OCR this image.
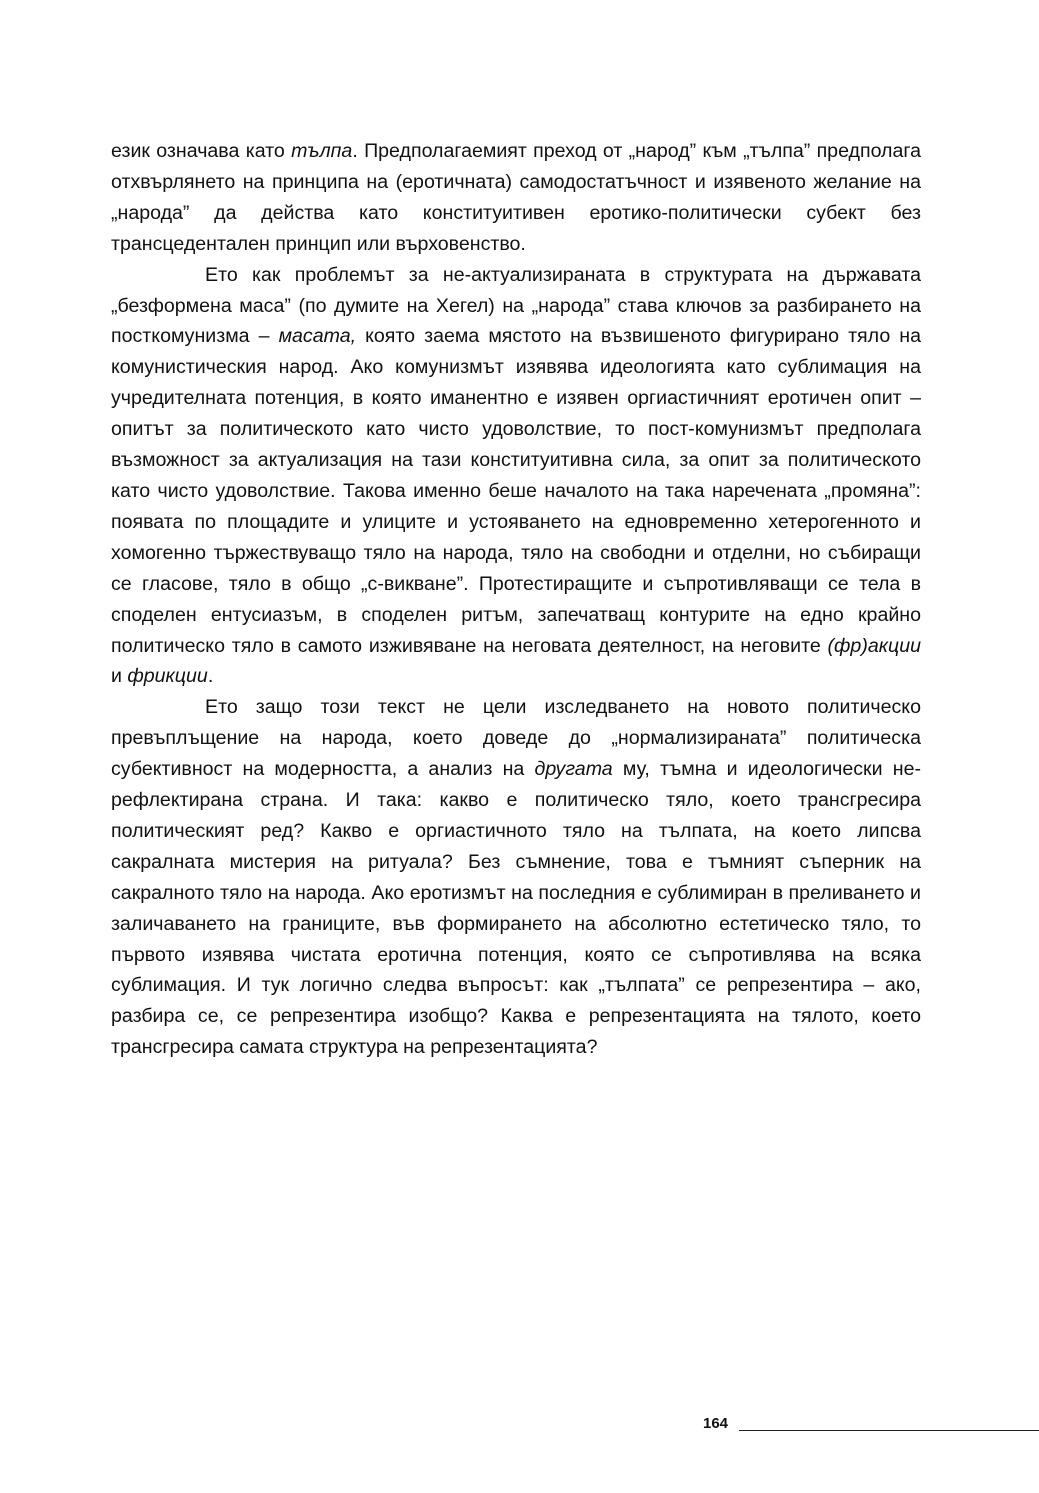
език означава като тълпа. Предполагаемият преход от „народ” към „тълпа” предполага отхвърлянето на принципа на (еротичната) самодостатъчност и изявеното желание на „народа” да действа като конституитивен еротико-политически субект без трансцедентален принцип или върховенство.

Ето как проблемът за не-актуализираната в структурата на държавата „безформена маса” (по думите на Хегел) на „народа” става ключов за разбирането на посткомунизма – масата, която заема мястото на възвишеното фигурирано тяло на комунистическия народ. Ако комунизмът изявява идеологията като сублимация на учредителната потенция, в която иманентно е изявен оргиастичният еротичен опит – опитът за политическото като чисто удоволствие, то пост-комунизмът предполага възможност за актуализация на тази конституитивна сила, за опит за политическото като чисто удоволствие. Такова именно беше началото на така наречената „промяна”: появата по площадите и улиците и устояването на едновременно хетерогенното и хомогенно тържествуващо тяло на народа, тяло на свободни и отделни, но събиращи се гласове, тяло в общо „с-викване”. Протестиращите и съпротивляващи се тела в споделен ентусиазъм, в споделен ритъм, запечатващ контурите на едно крайно политическо тяло в самото изживяване на неговата деятелност, на неговите (фр)акции и фрикции.

Ето защо този текст не цели изследването на новото политическо превъплъщение на народа, което доведе до „нормализираната” политическа субективност на модерността, а анализ на другата му, тъмна и идеологически не-рефлектирана страна. И така: какво е политическо тяло, което трансгресира политическият ред? Какво е оргиастичното тяло на тълпата, на което липсва сакралната мистерия на ритуала? Без съмнение, това е тъмният съперник на сакралното тяло на народа. Ако еротизмът на последния е сублимиран в преливането и заличаването на границите, във формирането на абсолютно естетическо тяло, то първото изявява чистата еротична потенция, която се съпротивлява на всяка сублимация. И тук логично следва въпросът: как „тълпата” се репрезентира – ако, разбира се, се репрезентира изобщо? Каква е репрезентацията на тялото, което трансгресира самата структура на репрезентацията?

164
